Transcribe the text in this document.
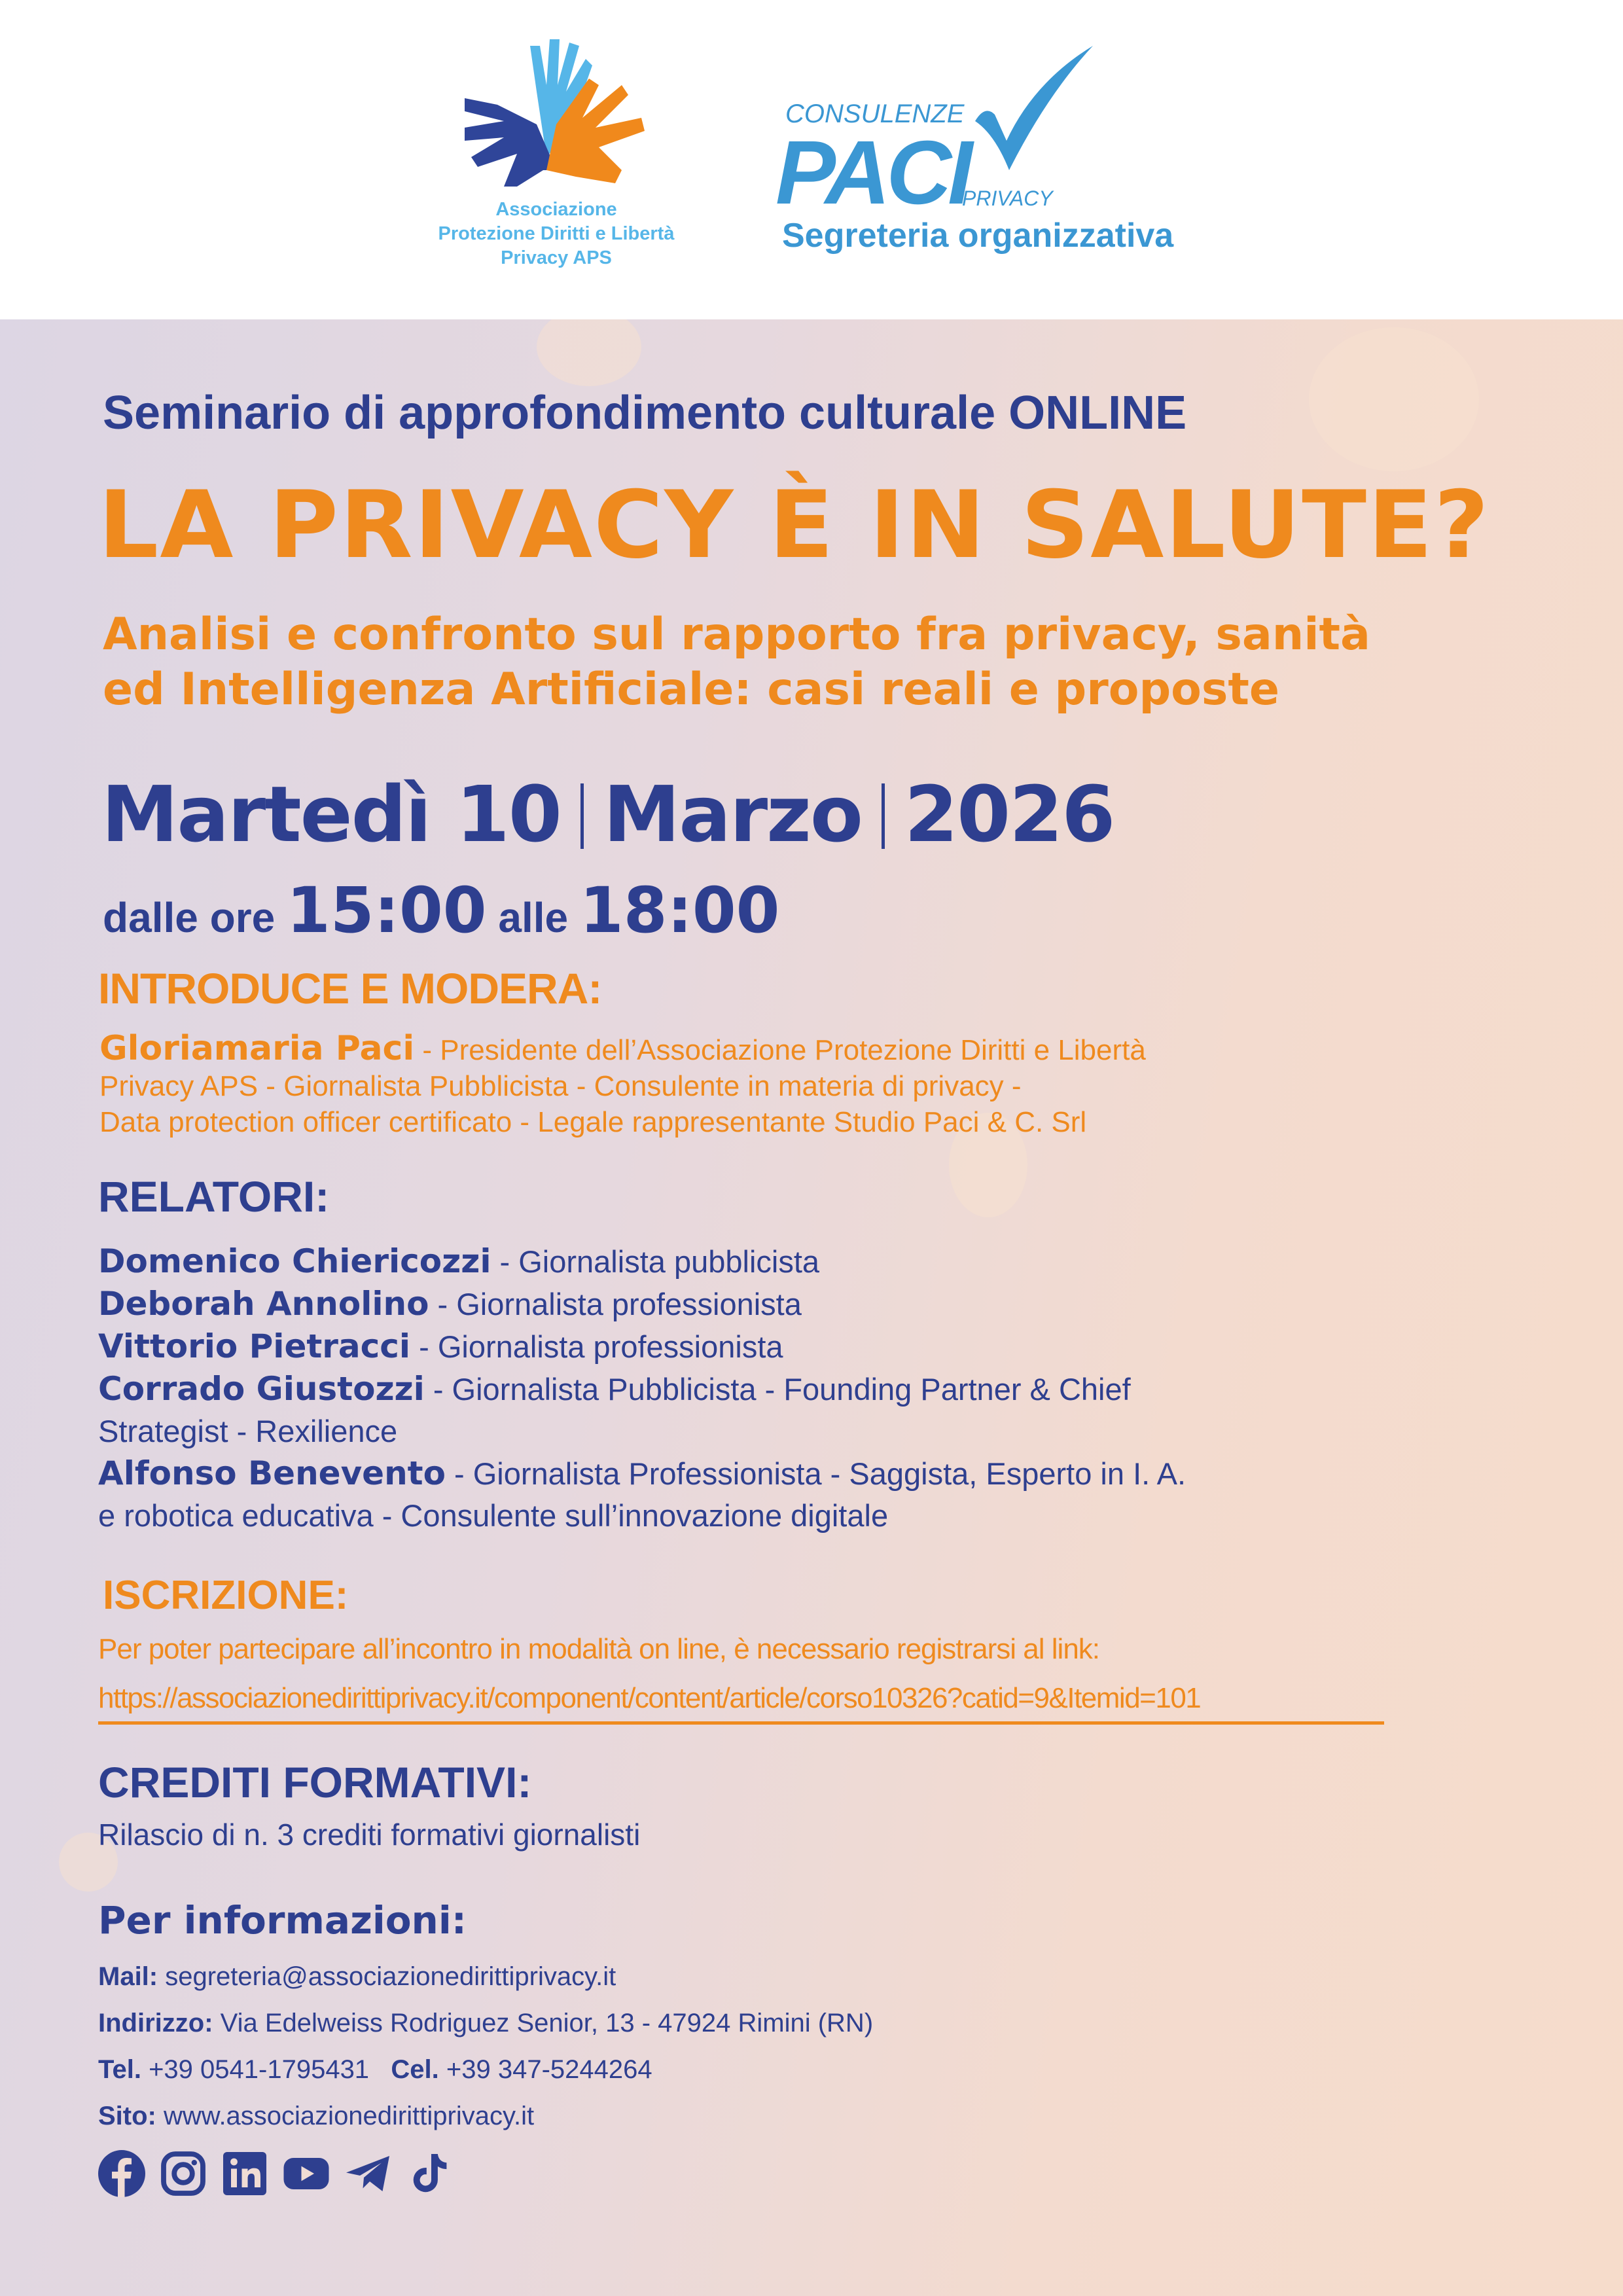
Associazione
Protezione Diritti e Libertà
Privacy APS
CONSULENZE
PACI
PRIVACY
Segreteria organizzativa
Seminario di approfondimento culturale ONLINE
LA PRIVACY È IN SALUTE?
Analisi e confronto sul rapporto fra privacy, sanità
ed Intelligenza Artificiale: casi reali e proposte
Martedì 10 Marzo 2026
dalle ore 15:00 alle 18:00
INTRODUCE E MODERA:
Gloriamaria Paci - Presidente dell’Associazione Protezione Diritti e Libertà
Privacy APS - Giornalista Pubblicista - Consulente in materia di privacy -
Data protection officer certificato - Legale rappresentante Studio Paci & C. Srl
RELATORI:
Domenico Chiericozzi - Giornalista pubblicista
Deborah Annolino - Giornalista professionista
Vittorio Pietracci - Giornalista professionista
Corrado Giustozzi - Giornalista Pubblicista - Founding Partner & Chief
Strategist - Rexilience
Alfonso Benevento - Giornalista Professionista - Saggista, Esperto in I. A.
e robotica educativa - Consulente sull’innovazione digitale
ISCRIZIONE:
Per poter partecipare all’incontro in modalità on line, è necessario registrarsi al link:
https://associazionedirittiprivacy.it/component/content/article/corso10326?catid=9&Itemid=101
CREDITI FORMATIVI:
Rilascio di n. 3 crediti formativi giornalisti
Per informazioni:
Mail: segreteria@associazionedirittiprivacy.it
Indirizzo: Via Edelweiss Rodriguez Senior, 13 - 47924 Rimini (RN)
Tel. +39 0541-1795431 Cel. +39 347-5244264
Sito: www.associazionedirittiprivacy.it
